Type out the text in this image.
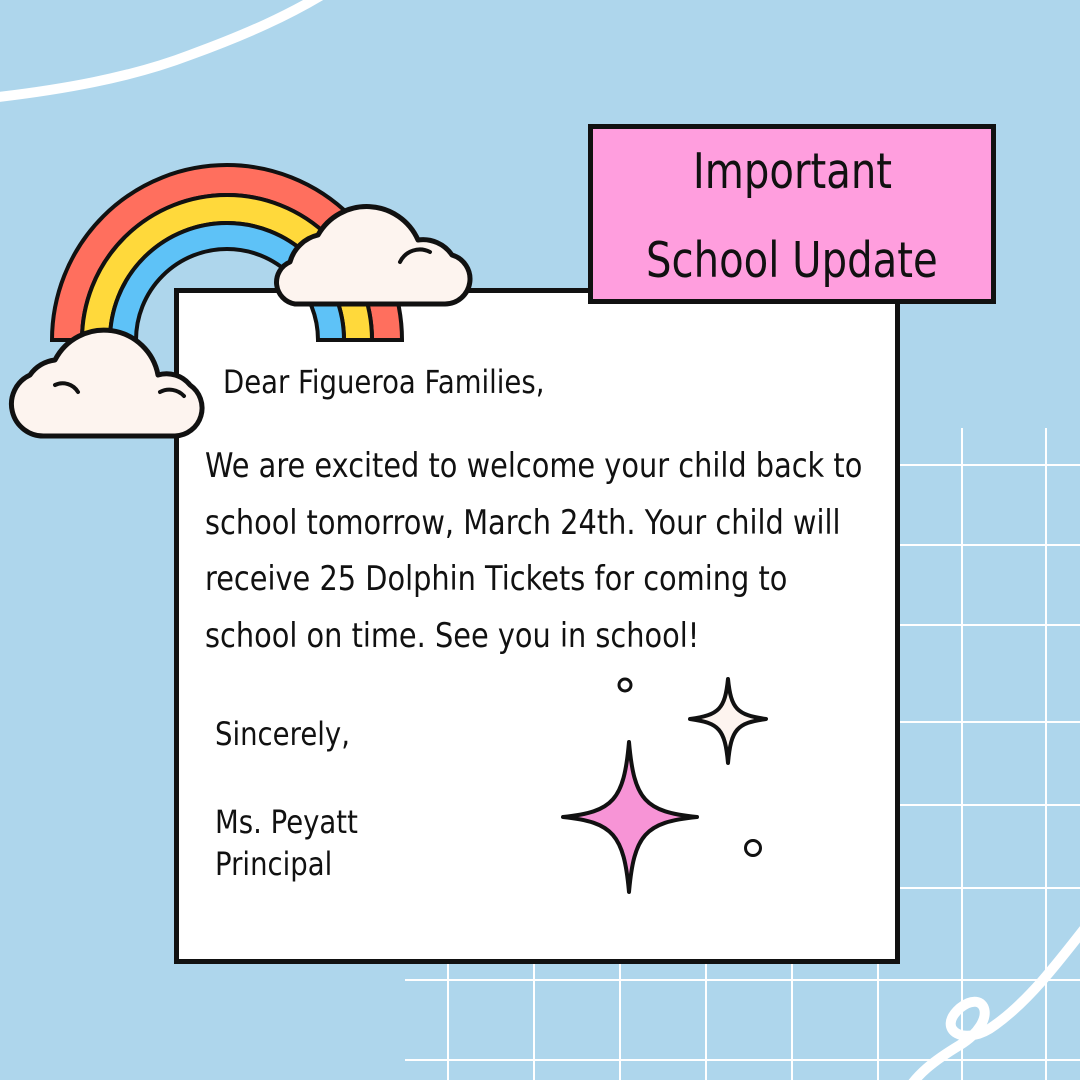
Dear Figueroa Families,

We are excited to welcome your child back to school tomorrow, March 24th. Your child will receive 25 Dolphin Tickets for coming to school on time. See you in school!

Sincerely,

Ms. Peyatt
Principal
Important
School Update
